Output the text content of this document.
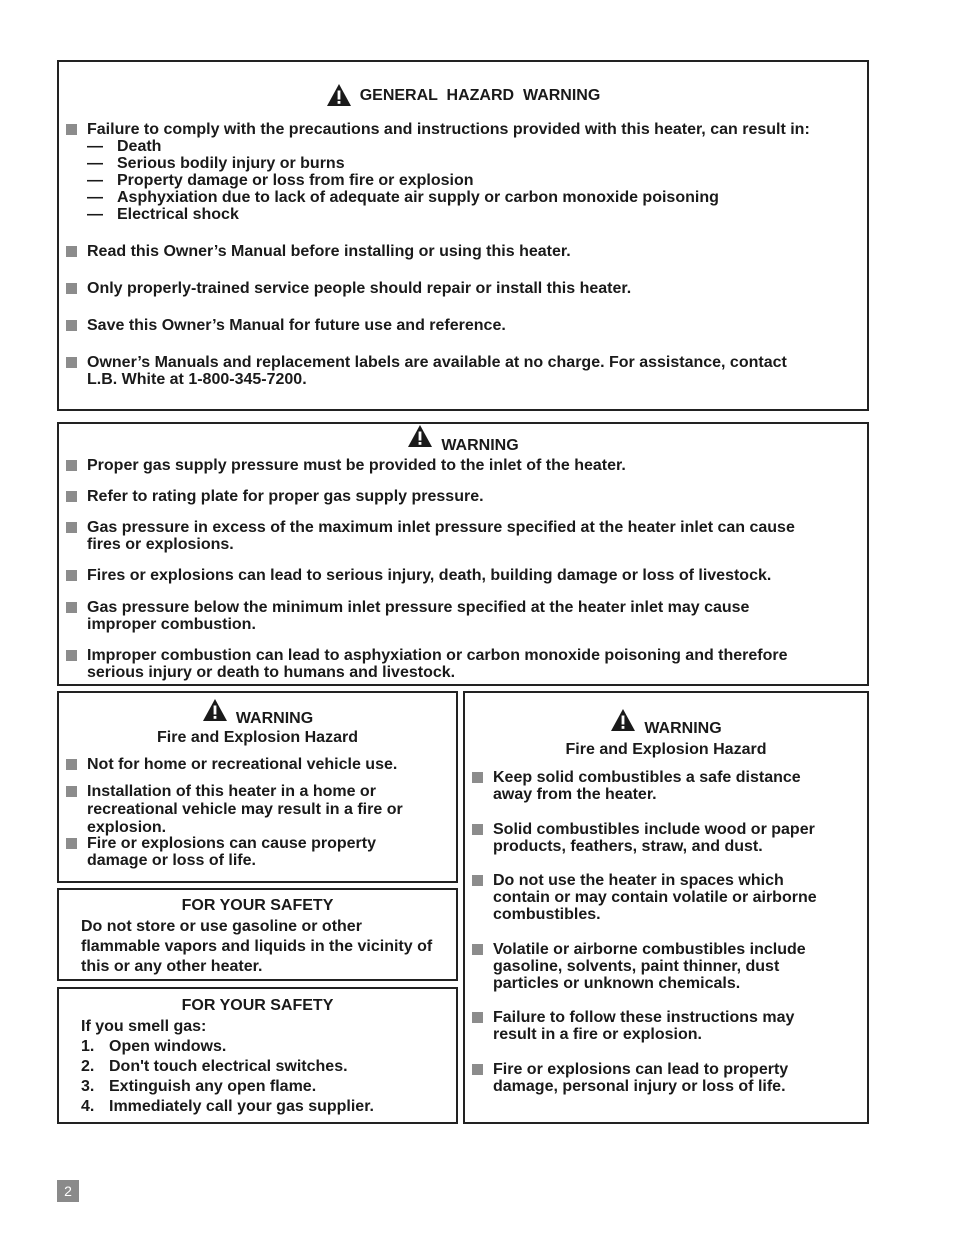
GENERAL  HAZARD  WARNING
Failure to comply with the precautions and instructions provided with this heater, can result in:
— Death
— Serious bodily injury or burns
— Property damage or loss from fire or explosion
— Asphyxiation due to lack of adequate air supply or carbon monoxide poisoning
— Electrical shock
Read this Owner’s Manual before installing or using this heater.
Only properly-trained service people should repair or install this heater.
Save this Owner’s Manual for future use and reference.
Owner’s Manuals and replacement labels are available at no charge. For assistance, contact
L.B. White at 1-800-345-7200.
WARNING
Proper gas supply pressure must be provided to the inlet of the heater.
Refer to rating plate for proper gas supply pressure.
Gas pressure in excess of the maximum inlet pressure specified at the heater inlet can cause
fires or explosions.
Fires or explosions can lead to serious injury, death, building damage or loss of livestock.
Gas pressure below the minimum inlet pressure specified at the heater inlet may cause
improper combustion.
Improper combustion can lead to asphyxiation or carbon monoxide poisoning and therefore
serious injury or death to humans and livestock.
WARNING
Fire and Explosion Hazard
Not for home or recreational vehicle use.
Installation of this heater in a home or
recreational vehicle may result in a fire or
explosion.
Fire or explosions can cause property
damage or loss of life.
FOR YOUR SAFETY
Do not store or use gasoline or other
flammable vapors and liquids in the vicinity of
this or any other heater.
FOR YOUR SAFETY
If you smell gas:
1. Open windows.
2. Don't touch electrical switches.
3. Extinguish any open flame.
4. Immediately call your gas supplier.
WARNING
Fire and Explosion Hazard
Keep solid combustibles a safe distance
away from the heater.
Solid combustibles include wood or paper
products, feathers, straw, and dust.
Do not use the heater in spaces which
contain or may contain volatile or airborne
combustibles.
Volatile or airborne combustibles include
gasoline, solvents, paint thinner, dust
particles or unknown chemicals.
Failure to follow these instructions may
result in a fire or explosion.
Fire or explosions can lead to property
damage, personal injury or loss of life.
2
